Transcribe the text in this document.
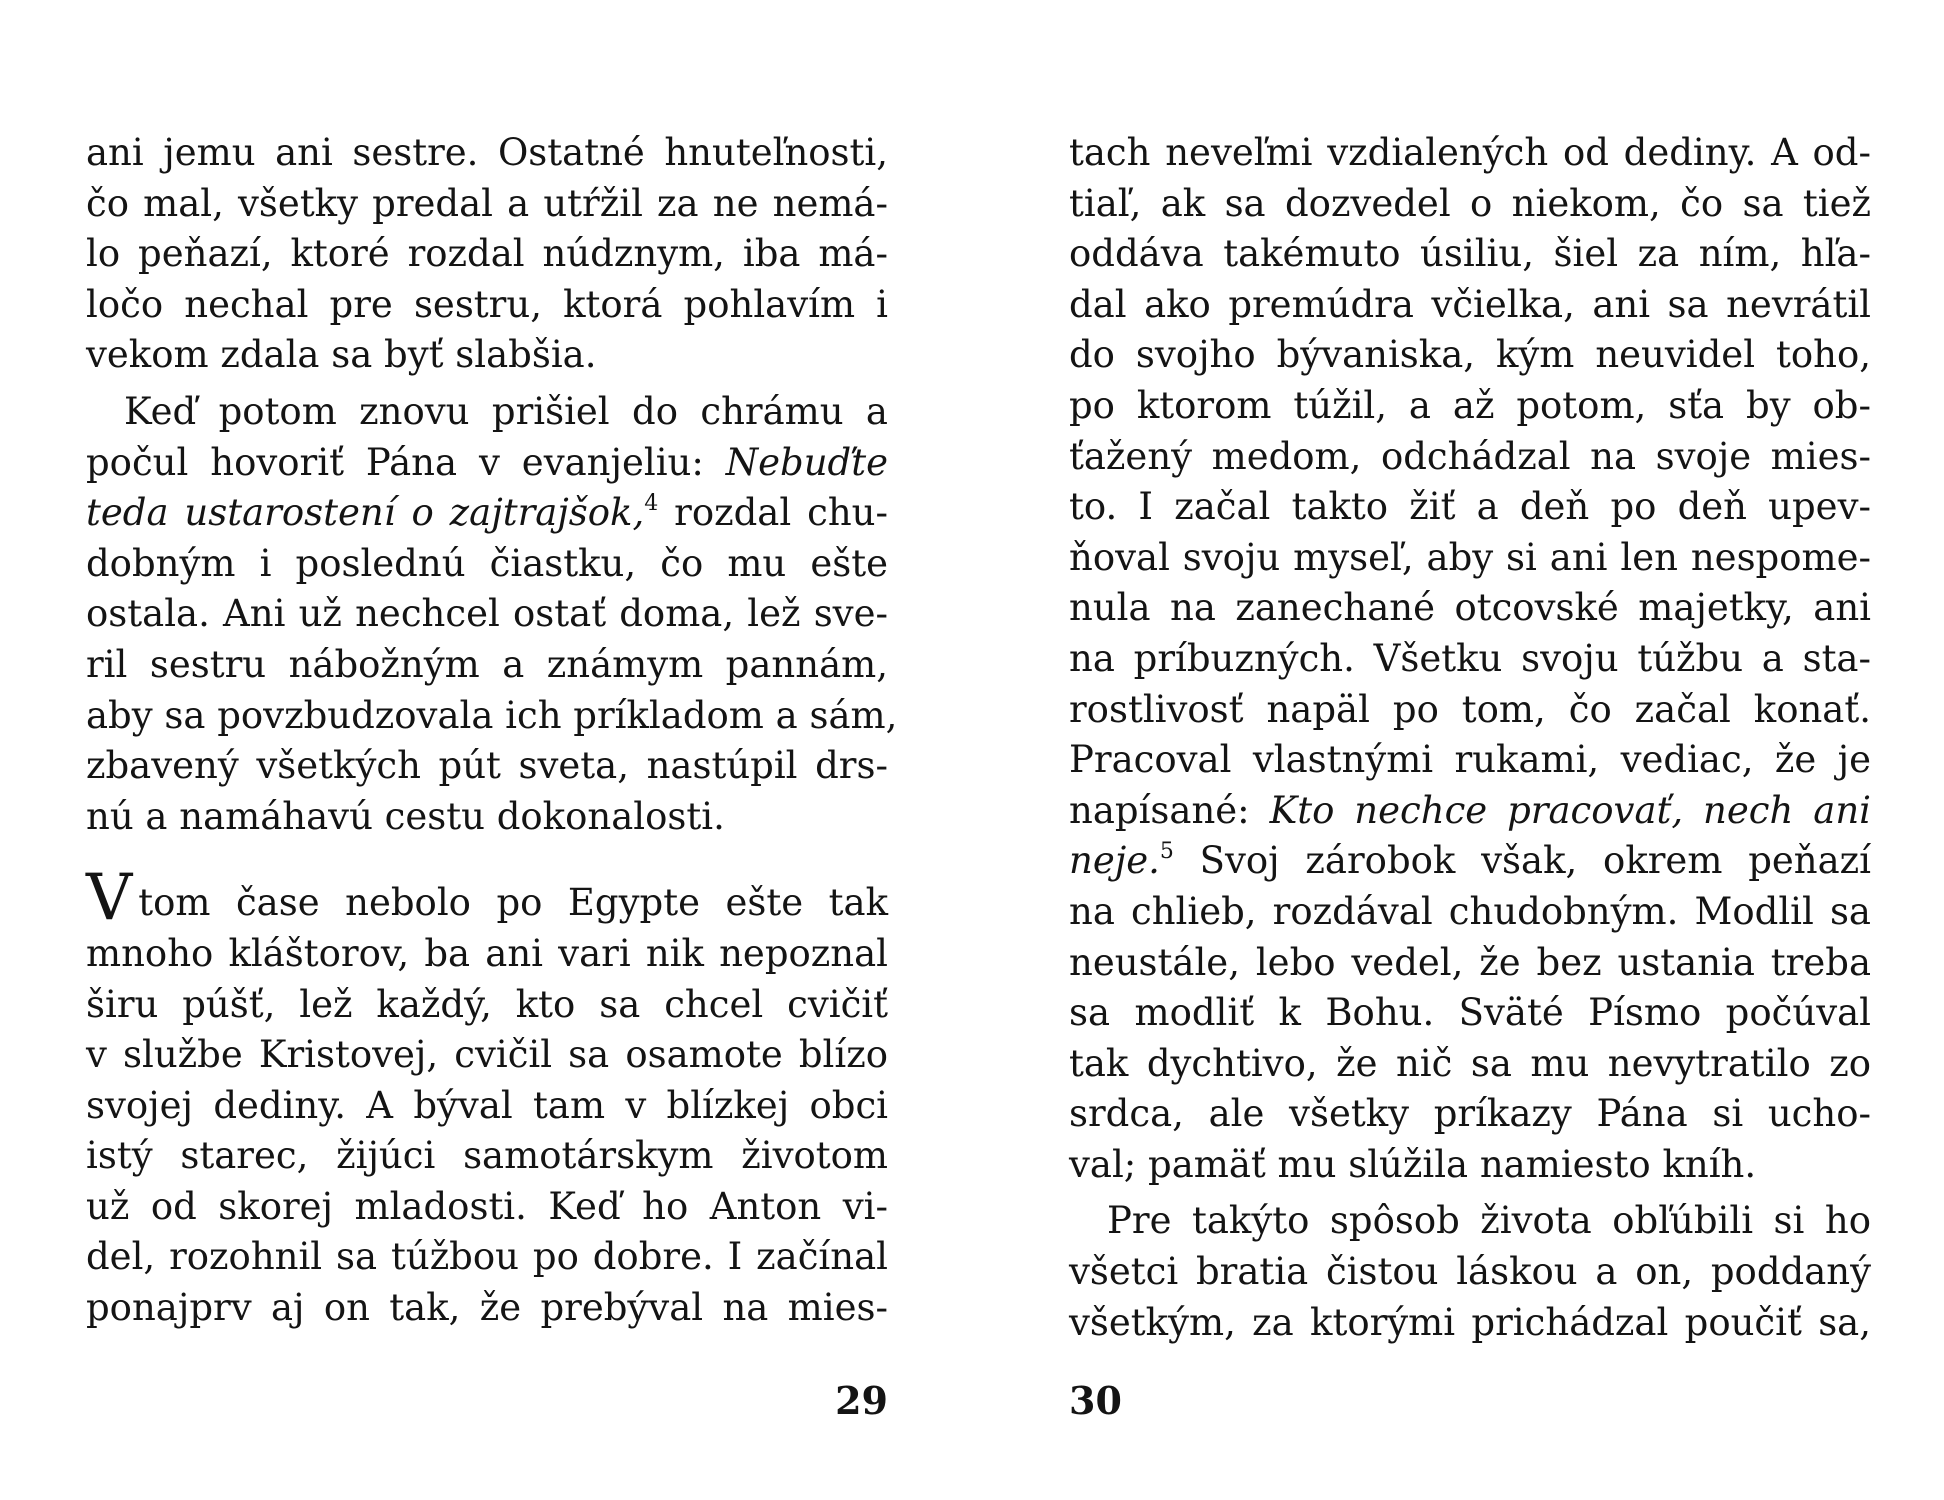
ani jemu ani sestre. Ostatné hnuteľnosti,
čo mal, všetky predal a utŕžil za ne nemá-
lo peňazí, ktoré rozdal núdznym, iba má-
ločo nechal pre sestru, ktorá pohlavím i
vekom zdala sa byť slabšia.
Keď potom znovu prišiel do chrámu a
počul hovoriť Pána v evanjeliu: Nebuďte
teda ustarostení o zajtrajšok,$^4$ rozdal chu-
dobným i poslednú čiastku, čo mu ešte
ostala. Ani už nechcel ostať doma, lež sve-
ril sestru nábožným a známym pannám,
aby sa povzbudzovala ich príkladom a sám,
zbavený všetkých pút sveta, nastúpil drs-
nú a namáhavú cestu dokonalosti.
Vtom čase nebolo po Egypte ešte tak
mnoho kláštorov, ba ani vari nik nepoznal
širu púšť, lež každý, kto sa chcel cvičiť
v službe Kristovej, cvičil sa osamote blízo
svojej dediny. A býval tam v blízkej obci
istý starec, žijúci samotárskym životom
už od skorej mladosti. Keď ho Anton vi-
del, rozohnil sa túžbou po dobre. I začínal
ponajprv aj on tak, že prebýval na mies-
29
tach neveľmi vzdialených od dediny. A od-
tiaľ, ak sa dozvedel o niekom, čo sa tiež
oddáva takémuto úsiliu, šiel za ním, hľa-
dal ako premúdra včielka, ani sa nevrátil
do svojho bývaniska, kým neuvidel toho,
po ktorom túžil, a až potom, sťa by ob-
ťažený medom, odchádzal na svoje mies-
to. I začal takto žiť a deň po deň upev-
ňoval svoju myseľ, aby si ani len nespome-
nula na zanechané otcovské majetky, ani
na príbuzných. Všetku svoju túžbu a sta-
rostlivosť napäl po tom, čo začal konať.
Pracoval vlastnými rukami, vediac, že je
napísané: Kto nechce pracovať, nech ani
neje.$^5$ Svoj zárobok však, okrem peňazí
na chlieb, rozdával chudobným. Modlil sa
neustále, lebo vedel, že bez ustania treba
sa modliť k Bohu. Sväté Písmo počúval
tak dychtivo, že nič sa mu nevytratilo zo
srdca, ale všetky príkazy Pána si ucho-
val; pamäť mu slúžila namiesto kníh.
Pre takýto spôsob života obľúbili si ho
všetci bratia čistou láskou a on, poddaný
všetkým, za ktorými prichádzal poučiť sa,
30
